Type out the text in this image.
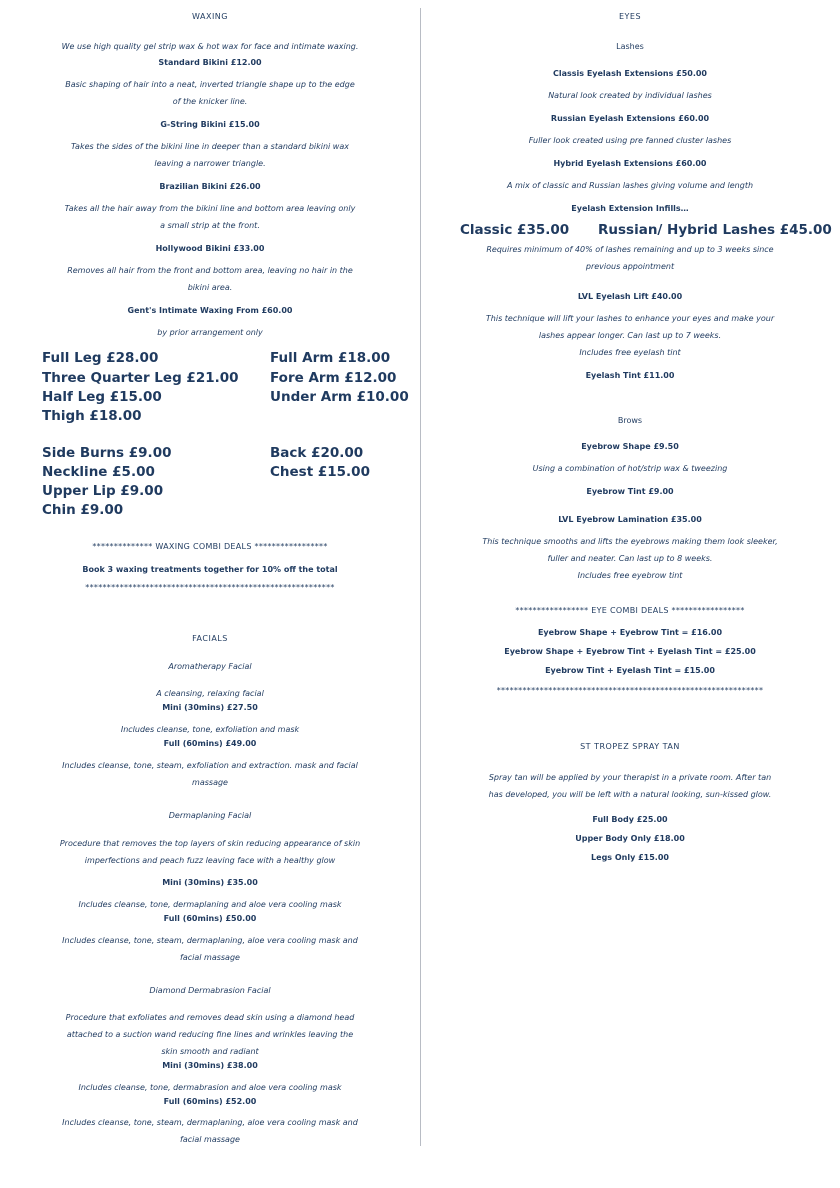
WAXING
We use high quality gel strip wax & hot wax for face and intimate waxing.
Standard Bikini £12.00
Basic shaping of hair into a neat, inverted triangle shape up to the edge
of the knicker line.
G-String Bikini £15.00
Takes the sides of the bikini line in deeper than a standard bikini wax
leaving a narrower triangle.
Brazilian Bikini £26.00
Takes all the hair away from the bikini line and bottom area leaving only
a small strip at the front.
Hollywood Bikini £33.00
Removes all hair from the front and bottom area, leaving no hair in the
bikini area.
Gent's Intimate Waxing From £60.00
by prior arrangement only
Full Leg £28.00
Three Quarter Leg £21.00
Half Leg £15.00
Thigh £18.00
Full Arm £18.00
Fore Arm £12.00
Under Arm £10.00
Side Burns £9.00
Neckline £5.00
Upper Lip £9.00
Chin £9.00
Back £20.00
Chest £15.00
************** WAXING COMBI DEALS *****************
Book 3 waxing treatments together for 10% off the total
**********************************************************
FACIALS
Aromatherapy Facial
A cleansing, relaxing facial
Mini (30mins) £27.50
Includes cleanse, tone, exfoliation and mask
Full (60mins) £49.00
Includes cleanse, tone, steam, exfoliation and extraction. mask and facial
massage
Dermaplaning Facial
Procedure that removes the top layers of skin reducing appearance of skin
imperfections and peach fuzz leaving face with a healthy glow
Mini (30mins) £35.00
Includes cleanse, tone, dermaplaning and aloe vera cooling mask
Full (60mins) £50.00
Includes cleanse, tone, steam, dermaplaning, aloe vera cooling mask and
facial massage
Diamond Dermabrasion Facial
Procedure that exfoliates and removes dead skin using a diamond head
attached to a suction wand reducing fine lines and wrinkles leaving the
skin smooth and radiant
Mini (30mins) £38.00
Includes cleanse, tone, dermabrasion and aloe vera cooling mask
Full (60mins) £52.00
Includes cleanse, tone, steam, dermaplaning, aloe vera cooling mask and
facial massage
EYES
Lashes
Classis Eyelash Extensions £50.00
Natural look created by individual lashes
Russian Eyelash Extensions £60.00
Fuller look created using pre fanned cluster lashes
Hybrid Eyelash Extensions £60.00
A mix of classic and Russian lashes giving volume and length
Eyelash Extension Infills…
Classic £35.00 Russian/ Hybrid Lashes £45.00
Requires minimum of 40% of lashes remaining and up to 3 weeks since
previous appointment
LVL Eyelash Lift £40.00
This technique will lift your lashes to enhance your eyes and make your
lashes appear longer. Can last up to 7 weeks.
Includes free eyelash tint
Eyelash Tint £11.00
Brows
Eyebrow Shape £9.50
Using a combination of hot/strip wax & tweezing
Eyebrow Tint £9.00
LVL Eyebrow Lamination £35.00
This technique smooths and lifts the eyebrows making them look sleeker,
fuller and neater. Can last up to 8 weeks.
Includes free eyebrow tint
***************** EYE COMBI DEALS *****************
Eyebrow Shape + Eyebrow Tint = £16.00
Eyebrow Shape + Eyebrow Tint + Eyelash Tint = £25.00
Eyebrow Tint + Eyelash Tint = £15.00
**************************************************************
ST TROPEZ SPRAY TAN
Spray tan will be applied by your therapist in a private room. After tan
has developed, you will be left with a natural looking, sun-kissed glow.
Full Body £25.00
Upper Body Only £18.00
Legs Only £15.00
